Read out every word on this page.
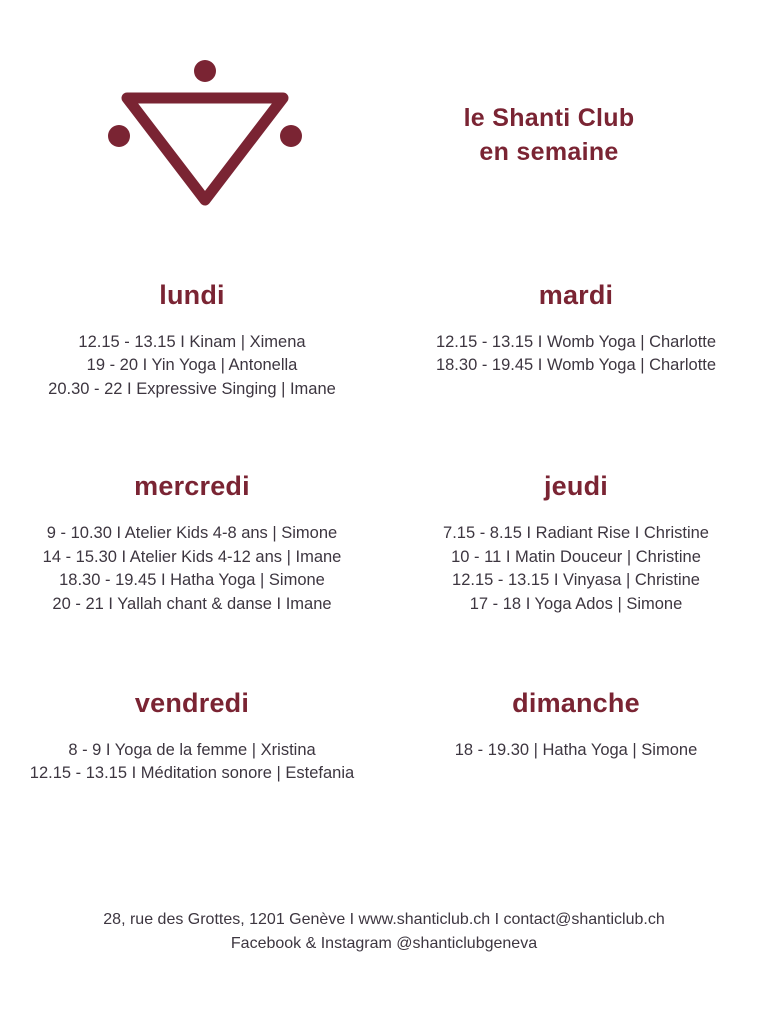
le Shanti Club
en semaine
lundi
12.15 - 13.15 I Kinam | Ximena
19 - 20 I Yin Yoga | Antonella
20.30 - 22 I Expressive Singing | Imane
mardi
12.15 - 13.15 I Womb Yoga | Charlotte
18.30 - 19.45 I Womb Yoga | Charlotte
mercredi
9 - 10.30 I Atelier Kids 4-8 ans | Simone
14 - 15.30 I Atelier Kids 4-12 ans | Imane
18.30 - 19.45 I Hatha Yoga | Simone
20 - 21 I Yallah chant & danse I Imane
jeudi
7.15 - 8.15 I Radiant Rise I Christine
10 - 11 I Matin Douceur | Christine
12.15 - 13.15 I Vinyasa | Christine
17 - 18 I Yoga Ados | Simone
vendredi
8 - 9 I Yoga de la femme | Xristina
12.15 - 13.15 I Méditation sonore | Estefania
dimanche
18 - 19.30 | Hatha Yoga | Simone
28, rue des Grottes, 1201 Genève I www.shanticlub.ch I contact@shanticlub.ch
Facebook & Instagram @shanticlubgeneva
